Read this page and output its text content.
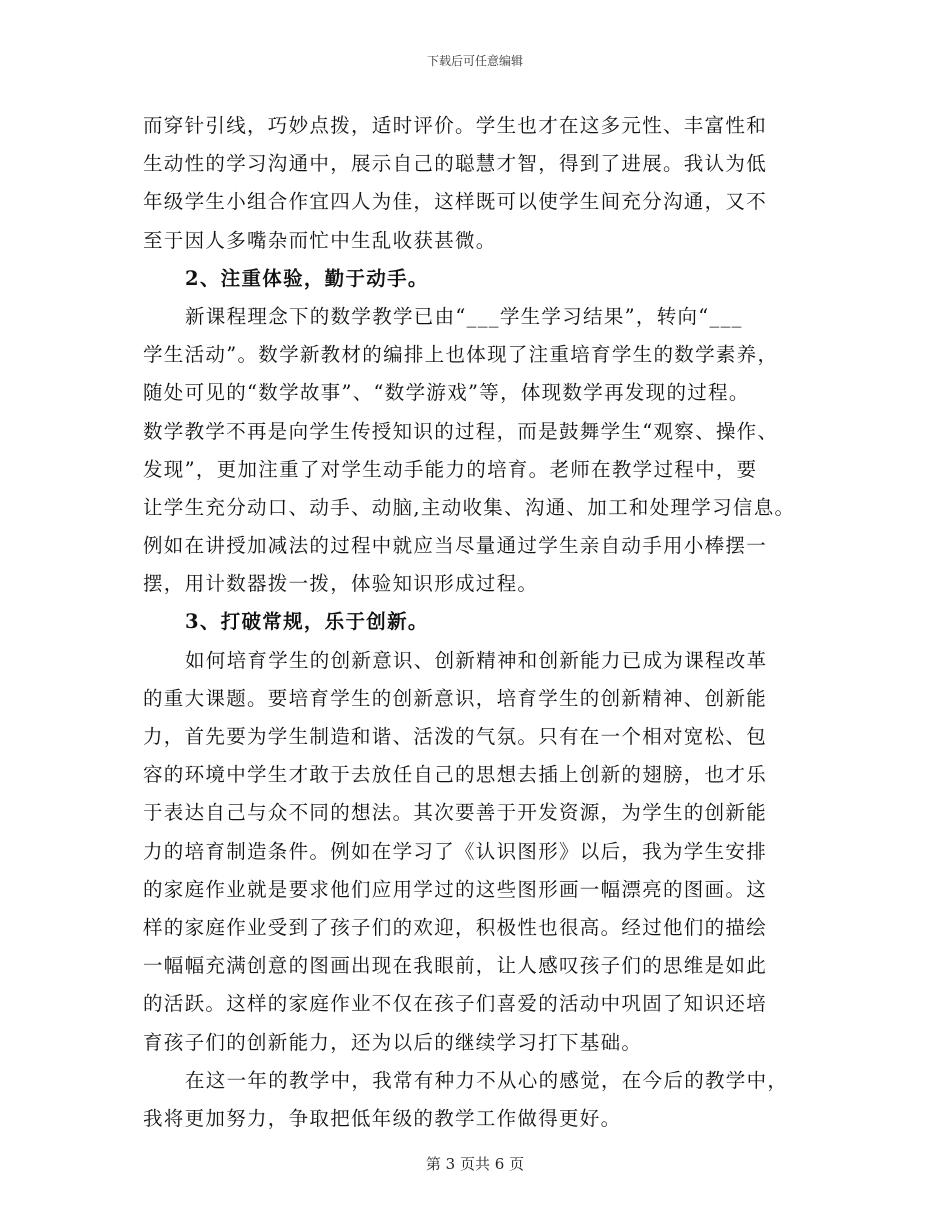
下载后可任意编辑
而穿针引线，巧妙点拨，适时评价。学生也才在这多元性、丰富性和
生动性的学习沟通中，展示自己的聪慧才智，得到了进展。我认为低
年级学生小组合作宜四人为佳，这样既可以使学生间充分沟通，又不
至于因人多嘴杂而忙中生乱收获甚微。
2、注重体验，勤于动手。
新课程理念下的数学教学已由“___学生学习结果”，转向“___
学生活动”。数学新教材的编排上也体现了注重培育学生的数学素养，
随处可见的“数学故事”、“数学游戏”等，体现数学再发现的过程。
数学教学不再是向学生传授知识的过程，而是鼓舞学生“观察、操作、
发现”，更加注重了对学生动手能力的培育。老师在教学过程中，要
让学生充分动口、动手、动脑,主动收集、沟通、加工和处理学习信息。
例如在讲授加减法的过程中就应当尽量通过学生亲自动手用小棒摆一
摆，用计数器拨一拨，体验知识形成过程。
3、打破常规，乐于创新。
如何培育学生的创新意识、创新精神和创新能力已成为课程改革
的重大课题。要培育学生的创新意识，培育学生的创新精神、创新能
力，首先要为学生制造和谐、活泼的气氛。只有在一个相对宽松、包
容的环境中学生才敢于去放任自己的思想去插上创新的翅膀，也才乐
于表达自己与众不同的想法。其次要善于开发资源，为学生的创新能
力的培育制造条件。例如在学习了《认识图形》以后，我为学生安排
的家庭作业就是要求他们应用学过的这些图形画一幅漂亮的图画。这
样的家庭作业受到了孩子们的欢迎，积极性也很高。经过他们的描绘
一幅幅充满创意的图画出现在我眼前，让人感叹孩子们的思维是如此
的活跃。这样的家庭作业不仅在孩子们喜爱的活动中巩固了知识还培
育孩子们的创新能力，还为以后的继续学习打下基础。
在这一年的教学中，我常有种力不从心的感觉，在今后的教学中，
我将更加努力，争取把低年级的教学工作做得更好。
第 3 页共 6 页
